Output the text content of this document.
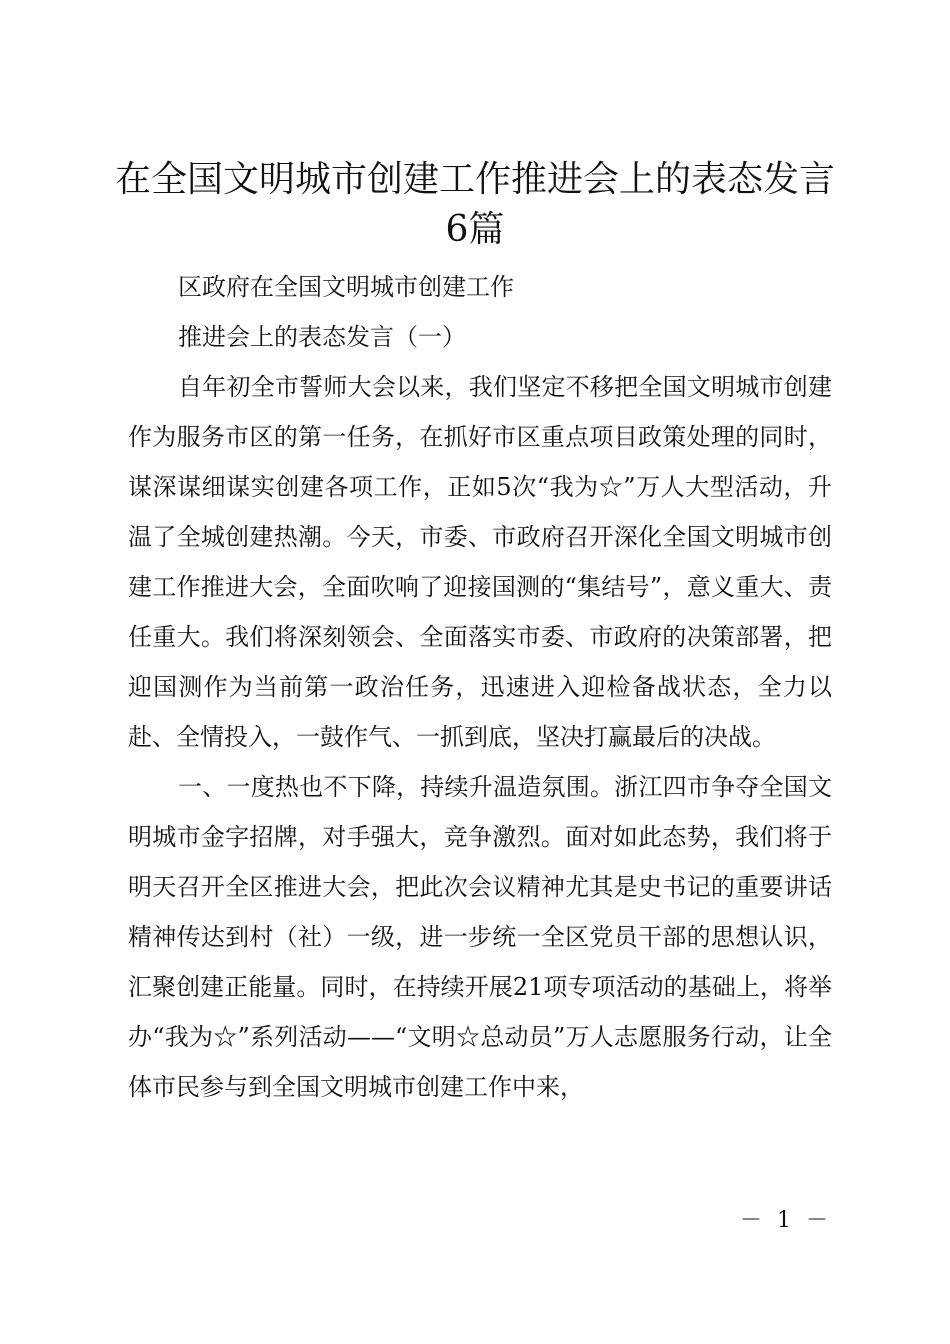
在全国文明城市创建工作推进会上的表态发言
6篇

区政府在全国文明城市创建工作

推进会上的表态发言（一）

自年初全市誓师大会以来，我们坚定不移把全国文明城市创建作为服务市区的第一任务，在抓好市区重点项目政策处理的同时，谋深谋细谋实创建各项工作，正如5次“我为☆”万人大型活动，升温了全城创建热潮。今天，市委、市政府召开深化全国文明城市创建工作推进大会，全面吹响了迎接国测的“集结号”，意义重大、责任重大。我们将深刻领会、全面落实市委、市政府的决策部署，把迎国测作为当前第一政治任务，迅速进入迎检备战状态，全力以赴、全情投入，一鼓作气、一抓到底，坚决打赢最后的决战。

一、一度热也不下降，持续升温造氛围。浙江四市争夺全国文明城市金字招牌，对手强大，竞争激烈。面对如此态势，我们将于明天召开全区推进大会，把此次会议精神尤其是史书记的重要讲话精神传达到村（社）一级，进一步统一全区党员干部的思想认识，汇聚创建正能量。同时，在持续开展21项专项活动的基础上，将举办“我为☆”系列活动——“文明☆总动员”万人志愿服务行动，让全体市民参与到全国文明城市创建工作中来，

－ 1 －
